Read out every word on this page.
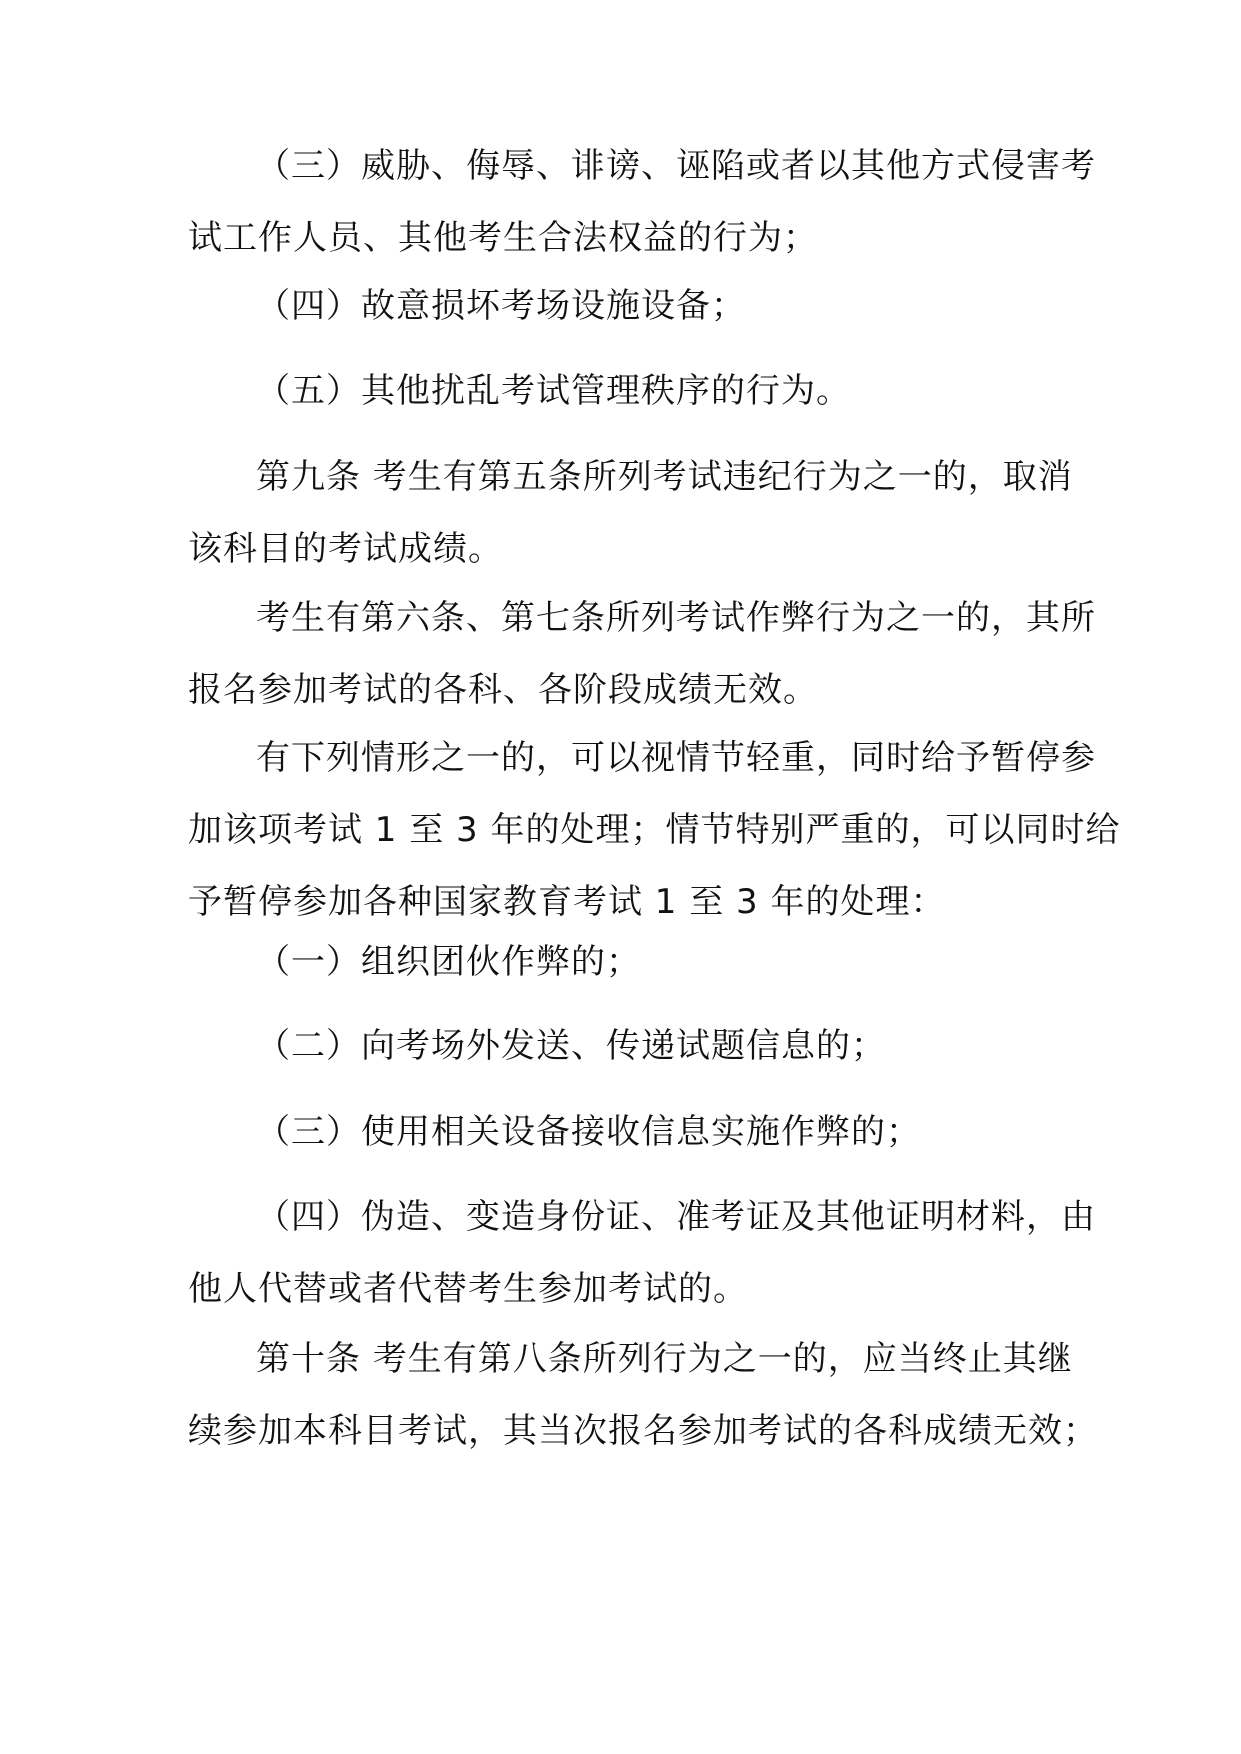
（三）威胁、侮辱、诽谤、诬陷或者以其他方式侵害考
试工作人员、其他考生合法权益的行为；

（四）故意损坏考场设施设备；

（五）其他扰乱考试管理秩序的行为。

第九条 考生有第五条所列考试违纪行为之一的，取消
该科目的考试成绩。

考生有第六条、第七条所列考试作弊行为之一的，其所
报名参加考试的各科、各阶段成绩无效。

有下列情形之一的，可以视情节轻重，同时给予暂停参
加该项考试 1 至 3 年的处理；情节特别严重的，可以同时给
予暂停参加各种国家教育考试 1 至 3 年的处理：

（一）组织团伙作弊的；

（二）向考场外发送、传递试题信息的；

（三）使用相关设备接收信息实施作弊的；

（四）伪造、变造身份证、准考证及其他证明材料，由
他人代替或者代替考生参加考试的。

第十条 考生有第八条所列行为之一的，应当终止其继
续参加本科目考试，其当次报名参加考试的各科成绩无效；
